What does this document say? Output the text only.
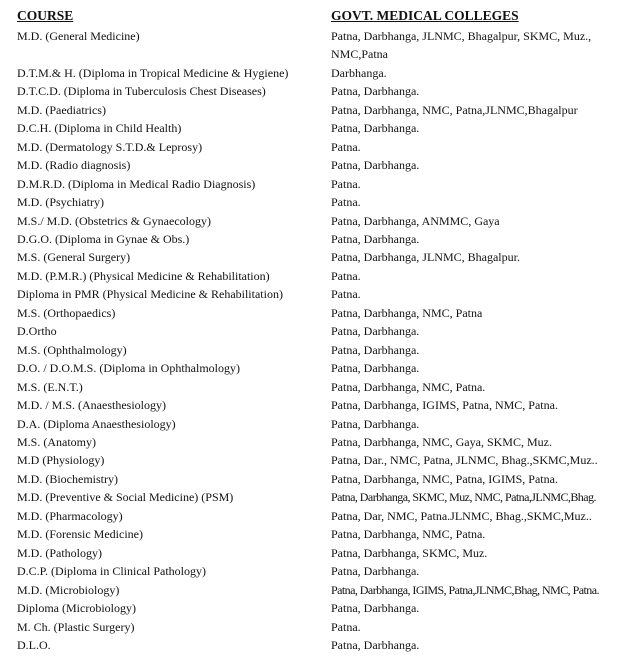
COURSE	GOVT. MEDICAL COLLEGES
M.D. (General Medicine)	Patna, Darbhanga, JLNMC, Bhagalpur, SKMC, Muz., NMC,Patna
D.T.M.& H. (Diploma in Tropical Medicine & Hygiene)	Darbhanga.
D.T.C.D. (Diploma in Tuberculosis Chest Diseases)	Patna, Darbhanga.
M.D. (Paediatrics)	Patna, Darbhanga, NMC, Patna,JLNMC,Bhagalpur
D.C.H. (Diploma in Child Health)	Patna, Darbhanga.
M.D. (Dermatology S.T.D.& Leprosy)	Patna.
M.D. (Radio diagnosis)	Patna, Darbhanga.
D.M.R.D. (Diploma in Medical Radio Diagnosis)	Patna.
M.D. (Psychiatry)	Patna.
M.S./ M.D. (Obstetrics & Gynaecology)	Patna, Darbhanga, ANMMC, Gaya
D.G.O. (Diploma in Gynae & Obs.)	Patna, Darbhanga.
M.S. (General Surgery)	Patna, Darbhanga, JLNMC, Bhagalpur.
M.D. (P.M.R.) (Physical Medicine & Rehabilitation)	Patna.
Diploma in PMR (Physical Medicine & Rehabilitation)	Patna.
M.S. (Orthopaedics)	Patna, Darbhanga, NMC, Patna
D.Ortho	Patna, Darbhanga.
M.S. (Ophthalmology)	Patna, Darbhanga.
D.O. / D.O.M.S. (Diploma in Ophthalmology)	Patna, Darbhanga.
M.S. (E.N.T.)	Patna, Darbhanga, NMC, Patna.
M.D. / M.S. (Anaesthesiology)	Patna, Darbhanga, IGIMS, Patna, NMC, Patna.
D.A. (Diploma Anaesthesiology)	Patna, Darbhanga.
M.S. (Anatomy)	Patna, Darbhanga, NMC, Gaya, SKMC, Muz.
M.D (Physiology)	Patna, Dar., NMC, Patna, JLNMC, Bhag.,SKMC,Muz..
M.D. (Biochemistry)	Patna, Darbhanga, NMC, Patna, IGIMS, Patna.
M.D. (Preventive & Social Medicine) (PSM)	Patna, Darbhanga, SKMC, Muz, NMC, Patna,JLNMC,Bhag.
M.D. (Pharmacology)	Patna, Dar, NMC, Patna.JLNMC, Bhag.,SKMC,Muz..
M.D. (Forensic Medicine)	Patna, Darbhanga, NMC, Patna.
M.D. (Pathology)	Patna, Darbhanga, SKMC, Muz.
D.C.P. (Diploma in Clinical Pathology)	Patna, Darbhanga.
M.D. (Microbiology)	Patna, Darbhanga, IGIMS, Patna,JLNMC,Bhag, NMC, Patna.
Diploma (Microbiology)	Patna, Darbhanga.
M. Ch. (Plastic Surgery)	Patna.
D.L.O.	Patna, Darbhanga.
